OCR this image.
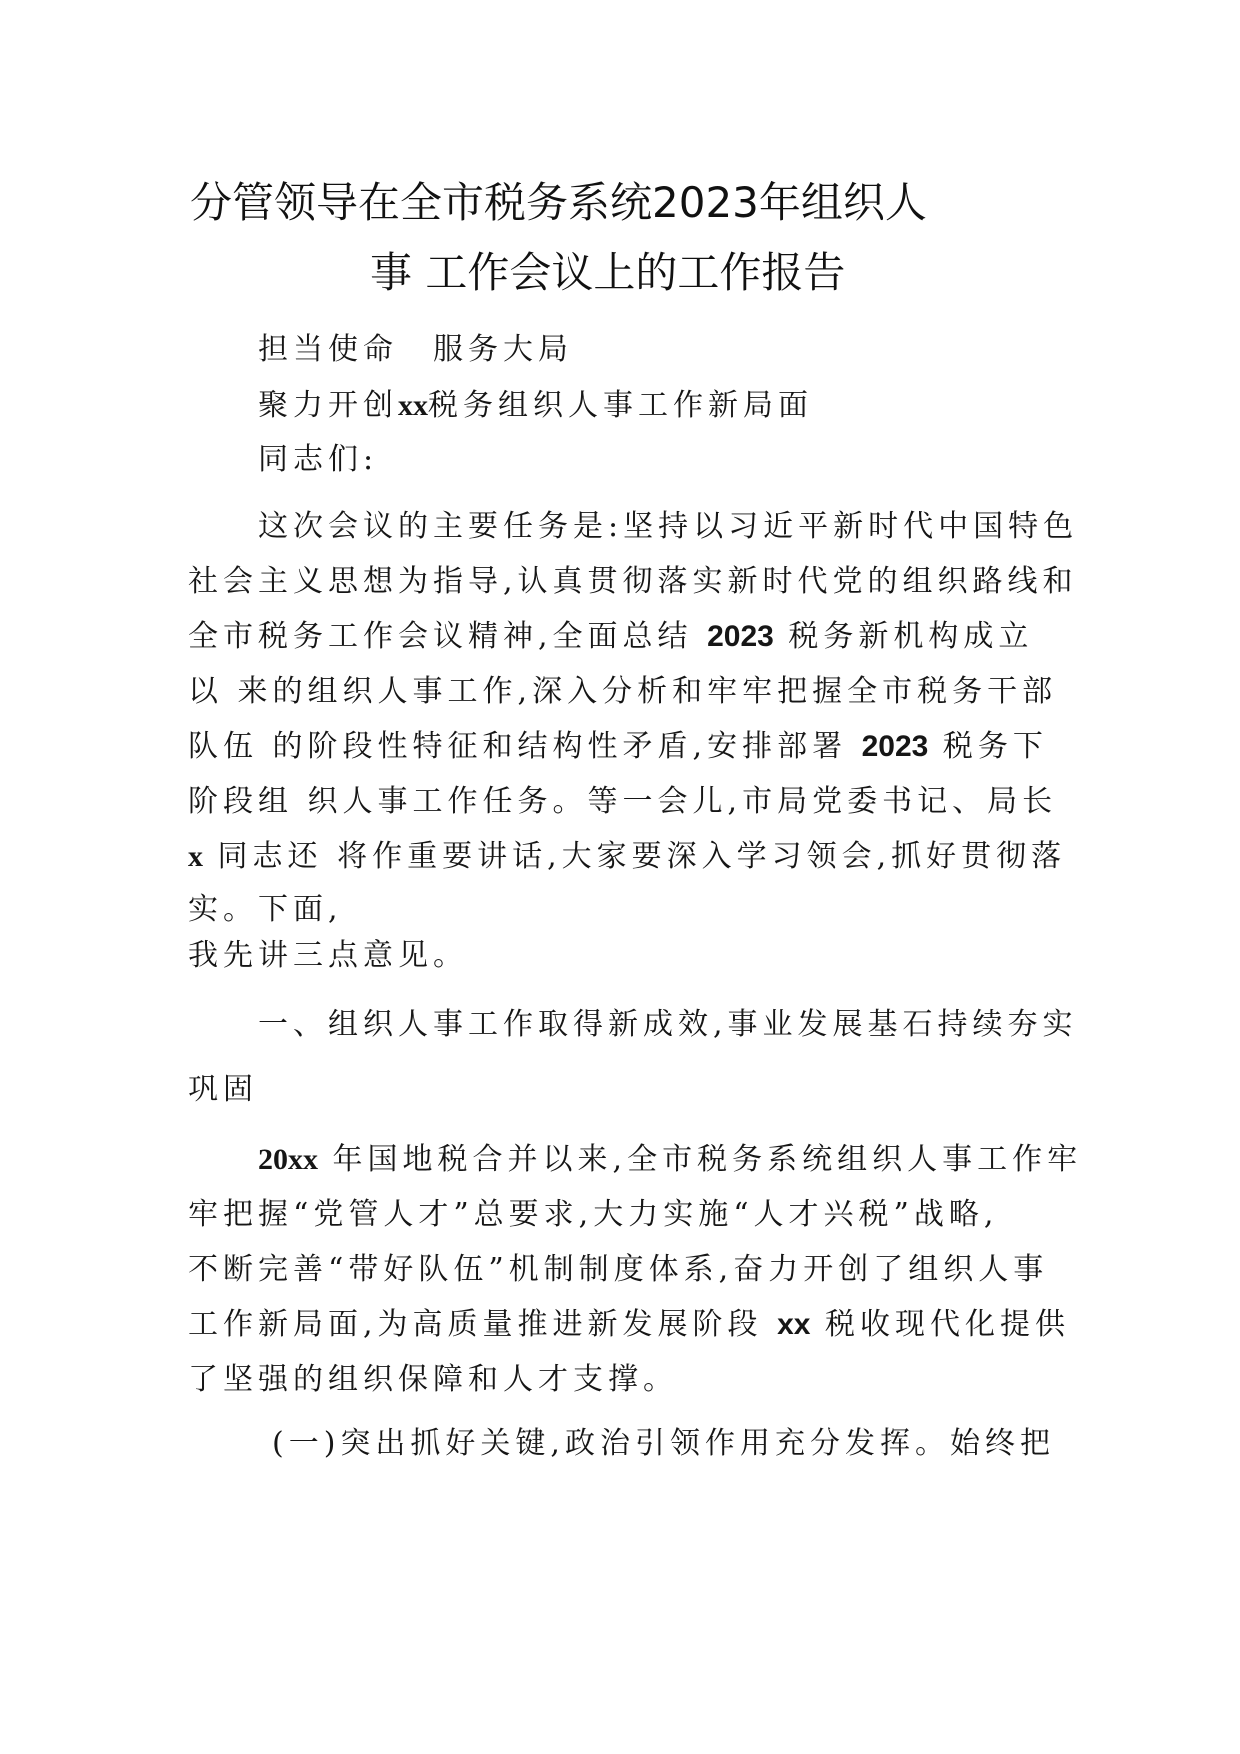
分管领导在全市税务系统2023年组织人
事 工作会议上的工作报告
担当使命　服务大局
聚力开创xx税务组织人事工作新局面
同志们:
这次会议的主要任务是:坚持以习近平新时代中国特色
社会主义思想为指导,认真贯彻落实新时代党的组织路线和
全市税务工作会议精神,全面总结 2023 税务新机构成立
以 来的组织人事工作,深入分析和牢牢把握全市税务干部
队伍 的阶段性特征和结构性矛盾,安排部署 2023 税务下
阶段组 织人事工作任务。等一会儿,市局党委书记、局长
x 同志还 将作重要讲话,大家要深入学习领会,抓好贯彻落
实。下面,
我先讲三点意见。
一、组织人事工作取得新成效,事业发展基石持续夯实
巩固
20xx 年国地税合并以来,全市税务系统组织人事工作牢
牢把握“党管人才”总要求,大力实施“人才兴税”战略,
不断完善“带好队伍”机制制度体系,奋力开创了组织人事
工作新局面,为高质量推进新发展阶段 xx 税收现代化提供
了坚强的组织保障和人才支撑。
(一)突出抓好关键,政治引领作用充分发挥。始终把
